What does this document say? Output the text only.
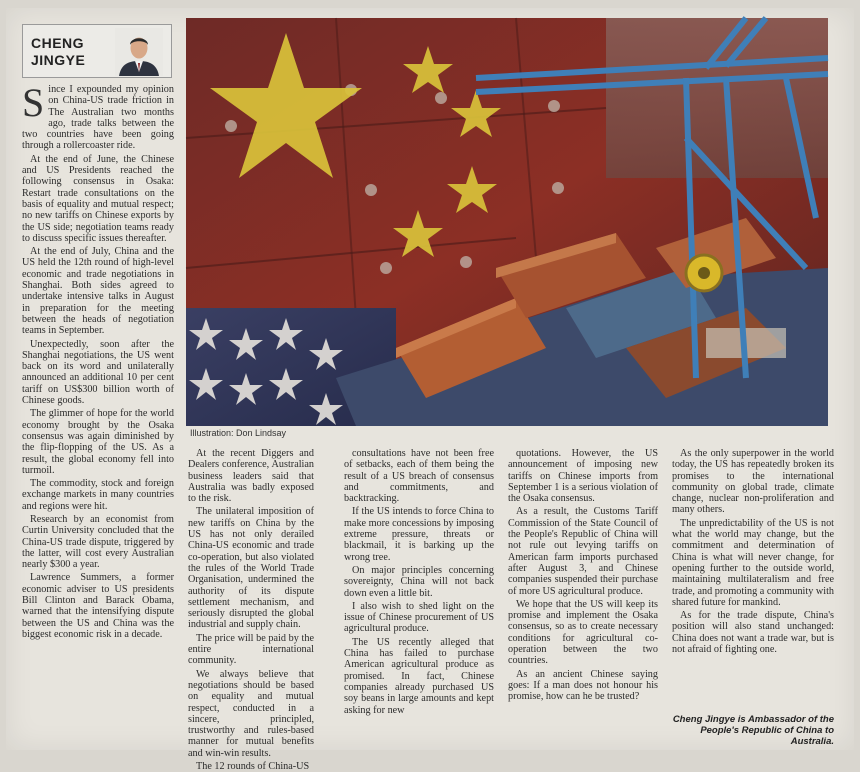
CHENG
JINGYE

Since I expounded my opinion on China-US trade friction in The Australian two months ago, trade talks between the two countries have been going through a rollercoaster ride.

At the end of June, the Chinese and US Presidents reached the following consensus in Osaka: Restart trade consultations on the basis of equality and mutual respect; no new tariffs on Chinese exports by the US side; negotiation teams ready to discuss specific issues thereafter.

At the end of July, China and the US held the 12th round of high-level economic and trade negotiations in Shanghai. Both sides agreed to undertake intensive talks in August in preparation for the meeting between the heads of negotiation teams in September.

Unexpectedly, soon after the Shanghai negotiations, the US went back on its word and unilaterally announced an additional 10 per cent tariff on US$300 billion worth of Chinese goods.

The glimmer of hope for the world economy brought by the Osaka consensus was again diminished by the flip-flopping of the US. As a result, the global economy fell into turmoil.

The commodity, stock and foreign exchange markets in many countries and regions were hit.

Research by an economist from Curtin University concluded that the China-US trade dispute, triggered by the latter, will cost every Australian nearly $300 a year.

Lawrence Summers, a former economic adviser to US presidents Bill Clinton and Barack Obama, warned that the intensifying dispute between the US and China was the biggest economic risk in a decade.

Illustration: Don Lindsay

At the recent Diggers and Dealers conference, Australian business leaders said that Australia was badly exposed to the risk.

The unilateral imposition of new tariffs on China by the US has not only derailed China-US economic and trade co-operation, but also violated the rules of the World Trade Organisation, undermined the authority of its dispute settlement mechanism, and seriously disrupted the global industrial and supply chain.

The price will be paid by the entire international community.

We always believe that negotiations should be based on equality and mutual respect, conducted in a sincere, principled, trustworthy and rules-based manner for mutual benefits and win-win results.

The 12 rounds of China-US

consultations have not been free of setbacks, each of them being the result of a US breach of consensus and commitments, and backtracking.

If the US intends to force China to make more concessions by imposing extreme pressure, threats or blackmail, it is barking up the wrong tree.

On major principles concerning sovereignty, China will not back down even a little bit.

I also wish to shed light on the issue of Chinese procurement of US agricultural produce.

The US recently alleged that China has failed to purchase American agricultural produce as promised. In fact, Chinese companies already purchased US soy beans in large amounts and kept asking for new

quotations. However, the US announcement of imposing new tariffs on Chinese imports from September 1 is a serious violation of the Osaka consensus.

As a result, the Customs Tariff Commission of the State Council of the People's Republic of China will not rule out levying tariffs on American farm imports purchased after August 3, and Chinese companies suspended their purchase of more US agricultural produce.

We hope that the US will keep its promise and implement the Osaka consensus, so as to create necessary conditions for agricultural co-operation between the two countries.

As an ancient Chinese saying goes: If a man does not honour his promise, how can he be trusted?

As the only superpower in the world today, the US has repeatedly broken its promises to the international community on global trade, climate change, nuclear non-proliferation and many others.

The unpredictability of the US is not what the world may change, but the commitment and determination of China is what will never change, for opening further to the outside world, maintaining multilateralism and free trade, and promoting a community with shared future for mankind.

As for the trade dispute, China's position will also stand unchanged: China does not want a trade war, but is not afraid of fighting one.

Cheng Jingye is Ambassador of the People's Republic of China to Australia.
